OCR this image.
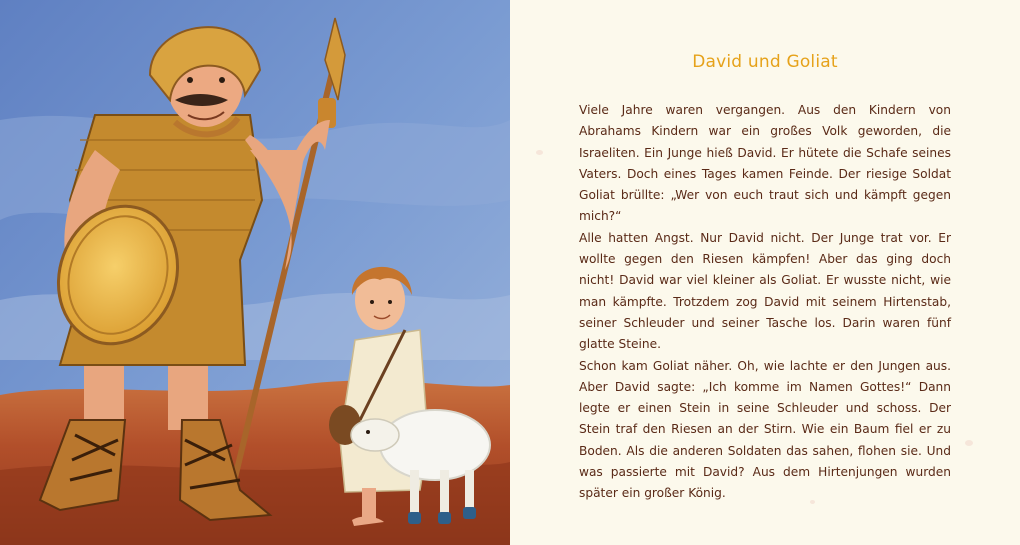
David und Goliat

Viele Jahre waren vergangen. Aus den Kindern von Abrahams Kindern war ein großes Volk geworden, die Israeliten. Ein Junge hieß David. Er hütete die Schafe seines Vaters. Doch eines Tages kamen Feinde. Der riesige Soldat Goliat brüllte: „Wer von euch traut sich und kämpft gegen mich?“

Alle hatten Angst. Nur David nicht. Der Junge trat vor. Er wollte gegen den Riesen kämpfen! Aber das ging doch nicht! David war viel kleiner als Goliat. Er wusste nicht, wie man kämpfte. Trotzdem zog David mit seinem Hirtenstab, seiner Schleuder und seiner Tasche los. Darin waren fünf glatte Steine.

Schon kam Goliat näher. Oh, wie lachte er den Jungen aus. Aber David sagte: „Ich komme im Namen Gottes!“ Dann legte er einen Stein in seine Schleuder und schoss. Der Stein traf den Riesen an der Stirn. Wie ein Baum fiel er zu Boden. Als die anderen Soldaten das sahen, flohen sie. Und was passierte mit David? Aus dem Hirtenjungen wurden später ein großer König.
